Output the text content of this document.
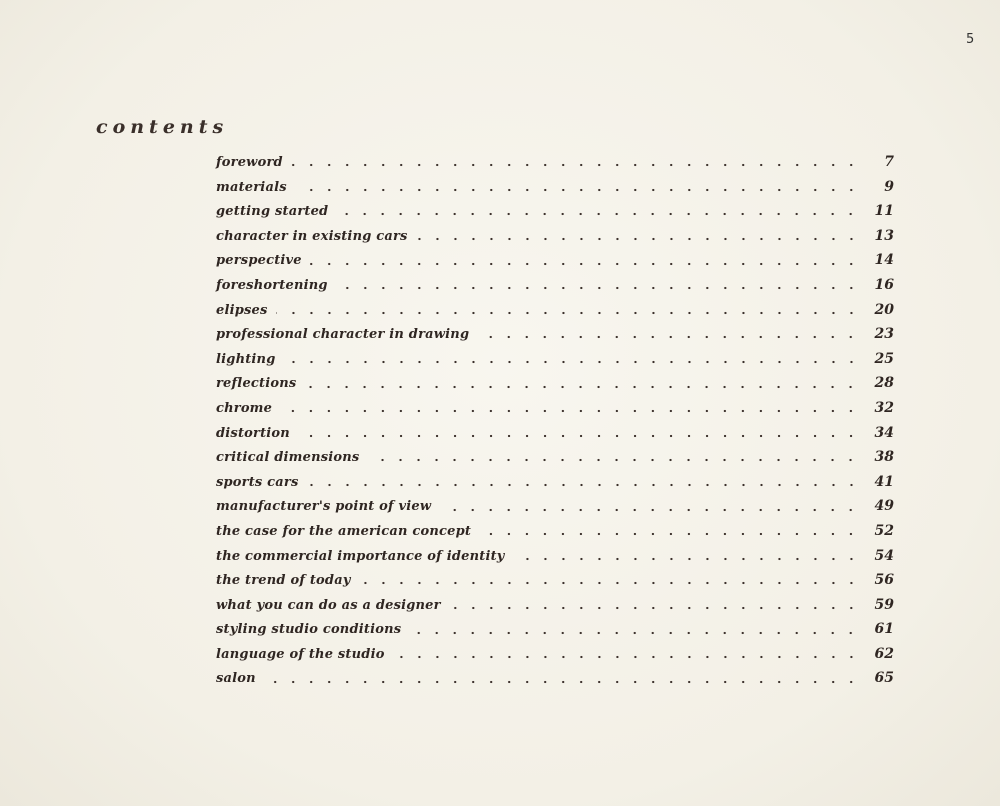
5
contents
foreword	7
materials	9
getting started	11
character in existing cars	13
perspective	14
foreshortening	16
elipses	20
professional character in drawing	23
lighting	25
reflections	28
chrome	32
distortion	34
critical dimensions	38
sports cars	41
manufacturer's point of view	49
the case for the american concept	52
the commercial importance of identity	54
the trend of today	56
what you can do as a designer	59
styling studio conditions	61
language of the studio	62
salon	65
